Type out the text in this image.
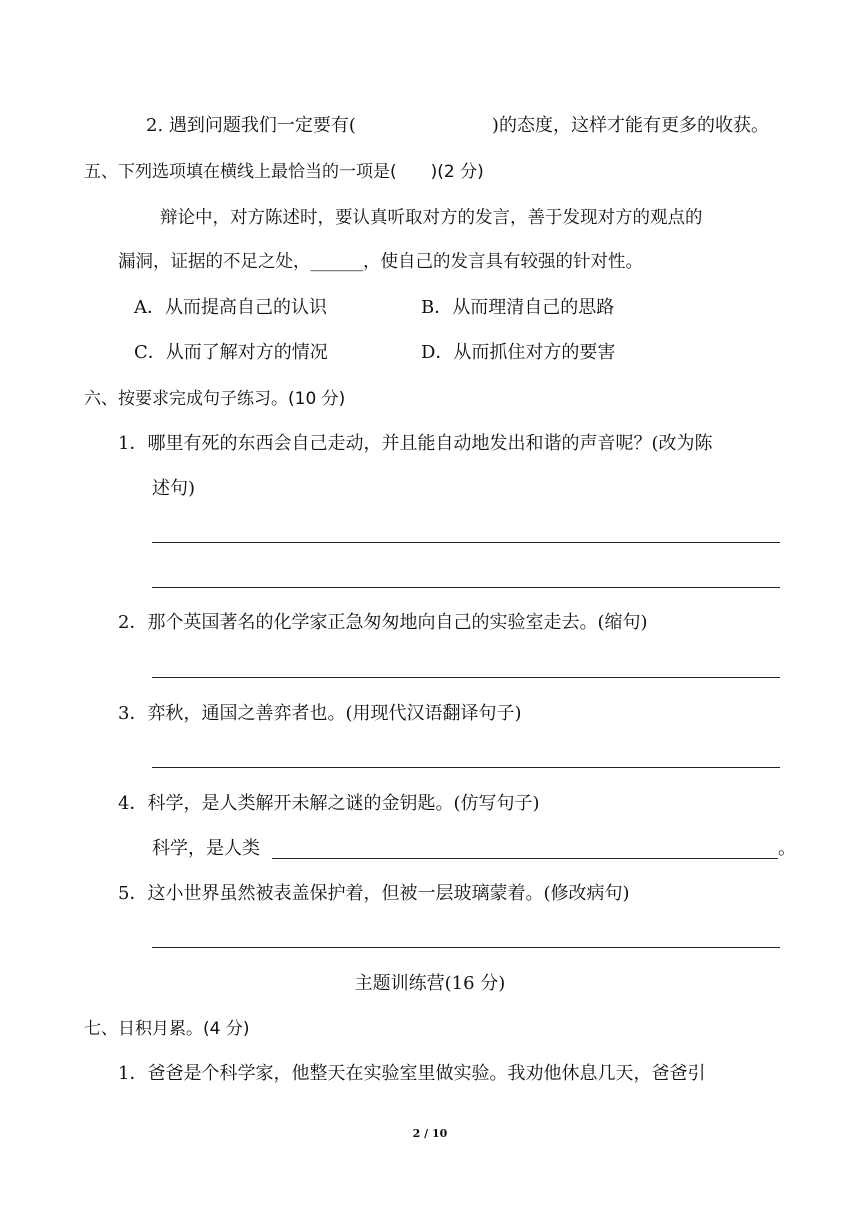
2. 遇到问题我们一定要有(	)的态度，这样才能有更多的收获。
五、下列选项填在横线上最恰当的一项是(　　)(2 分)
辩论中，对方陈述时，要认真听取对方的发言，善于发现对方的观点的
漏洞，证据的不足之处，______，使自己的发言具有较强的针对性。
A．从而提高自己的认识	B．从而理清自己的思路
C．从而了解对方的情况	D．从而抓住对方的要害
六、按要求完成句子练习。(10 分)
1．哪里有死的东西会自己走动，并且能自动地发出和谐的声音呢？(改为陈
述句)
2．那个英国著名的化学家正急匆匆地向自己的实验室走去。(缩句)
3．弈秋，通国之善弈者也。(用现代汉语翻译句子)
4．科学，是人类解开未解之谜的金钥匙。(仿写句子)
科学，是人类	。
5．这小世界虽然被表盖保护着，但被一层玻璃蒙着。(修改病句)
主题训练营(16 分)
七、日积月累。(4 分)
1．爸爸是个科学家，他整天在实验室里做实验。我劝他休息几天，爸爸引
2 / 10
